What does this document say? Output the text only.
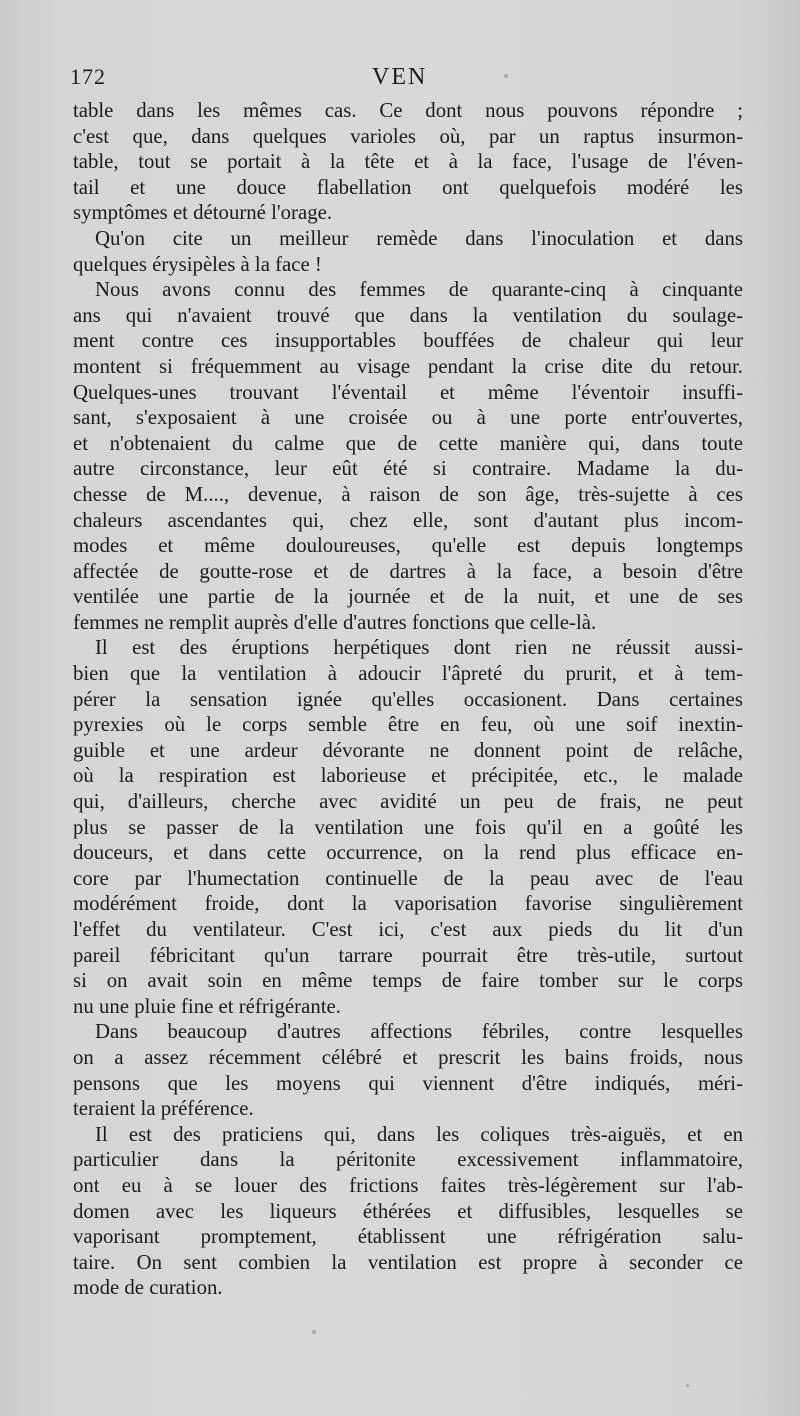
172	VEN
table dans les mêmes cas. Ce dont nous pouvons répondre ;
c'est que, dans quelques varioles où, par un raptus insurmon-
table, tout se portait à la tête et à la face, l'usage de l'éven-
tail et une douce flabellation ont quelquefois modéré les
symptômes et détourné l'orage.
Qu'on cite un meilleur remède dans l'inoculation et dans
quelques érysipèles à la face !
Nous avons connu des femmes de quarante-cinq à cinquante
ans qui n'avaient trouvé que dans la ventilation du soulage-
ment contre ces insupportables bouffées de chaleur qui leur
montent si fréquemment au visage pendant la crise dite du retour.
Quelques-unes trouvant l'éventail et même l'éventoir insuffi-
sant, s'exposaient à une croisée ou à une porte entr'ouvertes,
et n'obtenaient du calme que de cette manière qui, dans toute
autre circonstance, leur eût été si contraire. Madame la du-
chesse de M...., devenue, à raison de son âge, très-sujette à ces
chaleurs ascendantes qui, chez elle, sont d'autant plus incom-
modes et même douloureuses, qu'elle est depuis longtemps
affectée de goutte-rose et de dartres à la face, a besoin d'être
ventilée une partie de la journée et de la nuit, et une de ses
femmes ne remplit auprès d'elle d'autres fonctions que celle-là.
Il est des éruptions herpétiques dont rien ne réussit aussi-
bien que la ventilation à adoucir l'âpreté du prurit, et à tem-
pérer la sensation ignée qu'elles occasionent. Dans certaines
pyrexies où le corps semble être en feu, où une soif inextin-
guible et une ardeur dévorante ne donnent point de relâche,
où la respiration est laborieuse et précipitée, etc., le malade
qui, d'ailleurs, cherche avec avidité un peu de frais, ne peut
plus se passer de la ventilation une fois qu'il en a goûté les
douceurs, et dans cette occurrence, on la rend plus efficace en-
core par l'humectation continuelle de la peau avec de l'eau
modérément froide, dont la vaporisation favorise singulièrement
l'effet du ventilateur. C'est ici, c'est aux pieds du lit d'un
pareil fébricitant qu'un tarrare pourrait être très-utile, surtout
si on avait soin en même temps de faire tomber sur le corps
nu une pluie fine et réfrigérante.
Dans beaucoup d'autres affections fébriles, contre lesquelles
on a assez récemment célébré et prescrit les bains froids, nous
pensons que les moyens qui viennent d'être indiqués, méri-
teraient la préférence.
Il est des praticiens qui, dans les coliques très-aiguës, et en
particulier dans la péritonite excessivement inflammatoire,
ont eu à se louer des frictions faites très-légèrement sur l'ab-
domen avec les liqueurs éthérées et diffusibles, lesquelles se
vaporisant promptement, établissent une réfrigération salu-
taire. On sent combien la ventilation est propre à seconder ce
mode de curation.
